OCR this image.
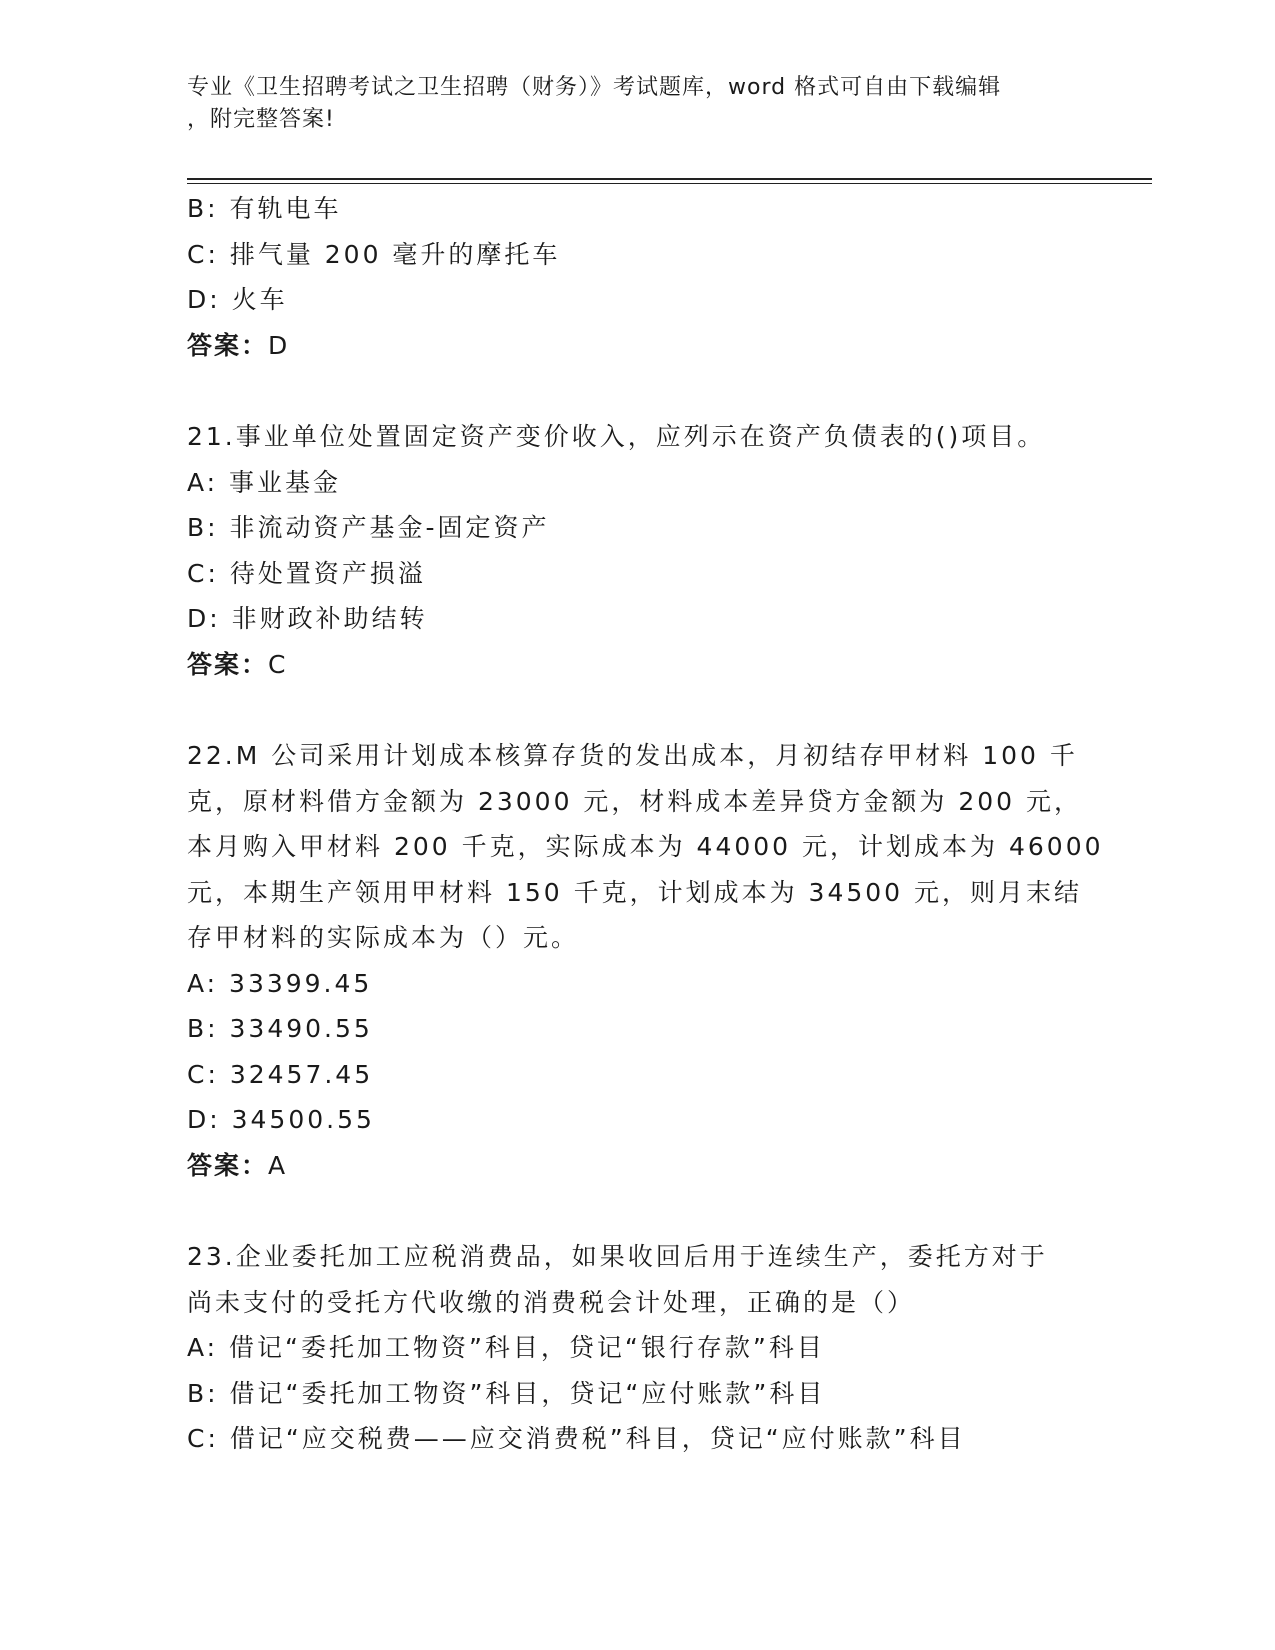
专业《卫生招聘考试之卫生招聘（财务）》考试题库，word 格式可自由下载编辑
，附完整答案!
B: 有轨电车
C: 排气量 200 毫升的摩托车
D: 火车
答案：D
21.事业单位处置固定资产变价收入，应列示在资产负债表的()项目。
A: 事业基金
B: 非流动资产基金-固定资产
C: 待处置资产损溢
D: 非财政补助结转
答案：C
22.M 公司采用计划成本核算存货的发出成本，月初结存甲材料 100 千
克，原材料借方金额为 23000 元，材料成本差异贷方金额为 200 元，
本月购入甲材料 200 千克，实际成本为 44000 元，计划成本为 46000
元，本期生产领用甲材料 150 千克，计划成本为 34500 元，则月末结
存甲材料的实际成本为（）元。
A: 33399.45
B: 33490.55
C: 32457.45
D: 34500.55
答案：A
23.企业委托加工应税消费品，如果收回后用于连续生产，委托方对于
尚未支付的受托方代收缴的消费税会计处理，正确的是（）
A: 借记“委托加工物资”科目，贷记“银行存款”科目
B: 借记“委托加工物资”科目，贷记“应付账款”科目
C: 借记“应交税费——应交消费税”科目，贷记“应付账款”科目
